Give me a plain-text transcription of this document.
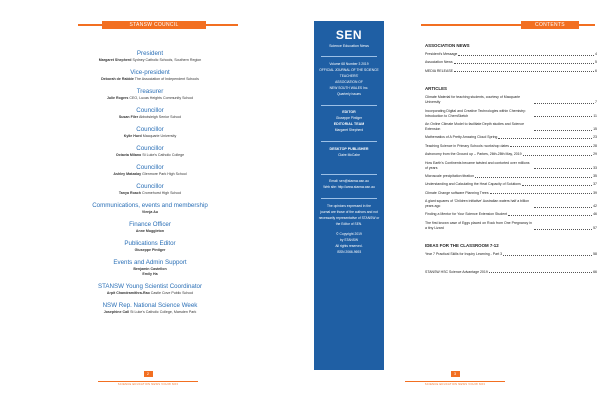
STANSW COUNCIL
President
Margaret Shepherd Sydney Catholic Schools, Southern Region
Vice-president
Deborah de Rabbie The Association of Independent Schools
Treasurer
Julie Rogers CEO, Lucas Heights Community School
Councillor
Susan Filer Abbotsleigh Senior School
Councillor
Kylie Hurd Macquarie University
Councillor
Octavia Milano St Luke's Catholic College
Councillor
Ashley Matzalay Glenmore Park High School
Councillor
Tanya Roach Cromehurst High School
Communications, events and membership
Vienja Au
Finance Officer
Anne Muggleton
Publications Editor
Giuseppe Pintiger
Events and Admin Support
Benjamin Castellon
Emily Ha
STANSW Young Scientist Coordinator
Arpit Chandramithra-Rao Castle Cove Public School
NSW Rep. National Science Week
Josephine Call St Luke's Catholic College, Marsden Park
2
SCIENCE EDUCATION NEWS VOL68 NO3
SEN
Science Education News
Volume 68 Number 3 2019
OFFICIAL JOURNAL OF THE SCIENCE
TEACHERS'
ASSOCIATION OF
NEW SOUTH WALES Inc.
Quarterly issues
EDITOR
Giuseppe Pintiger
EDITORIAL TEAM
Margaret Shepherd
DESKTOP PUBLISHER
Claire McCabe
Email: sen@stansw.asn.au
Web site: http://www.stansw.asn.au
The opinions expressed in the
journal are those of the authors and not
necessarily representative of STANSW or
the Editor of SEN.
© Copyright 2019
by STANSW
All rights reserved.
ISSN 2066-9693
CONTENTS
ASSOCIATION NEWS
President's Message	4
Association News	5
MEDIA RELEASE	6
ARTICLES
Climate Material for teaching students, courtesy of Macquarie University	7
Incorporating Digital and Creative Technologies within Chemistry: Introduction to ChemSketch	11
An Online Climate Model to facilitate Depth studies and Science Extension	15
Mathematics of A Pretty Amazing Cloud Spring	23
Teaching Science in Primary Schools: workshop dates	28
Astronomy from the Ground up – Parkes, 26th-28th May, 2019	29
How Earth's Continents became twisted and contorted over millions of years	33
Microscale precipitation titration	35
Understanding and Calculating the Heat Capacity of Solutions	37
Climate Change software Planning Trees	39
A giant squares of 'Children initiative' Australian waters half a billion years ago	42
Finding a Mentor for Your Science Extension Student	46
The first known case of Eggs placed on Rock from One Pregnancy in a tiny Lizard	57
IDEAS FOR THE CLASSROOM 7-12
Year 7 Practical Skills for Inquiry Learning - Part 3	58
STANSW HSC Science Advantage 2019	66
3
SCIENCE EDUCATION NEWS VOL68 NO3
